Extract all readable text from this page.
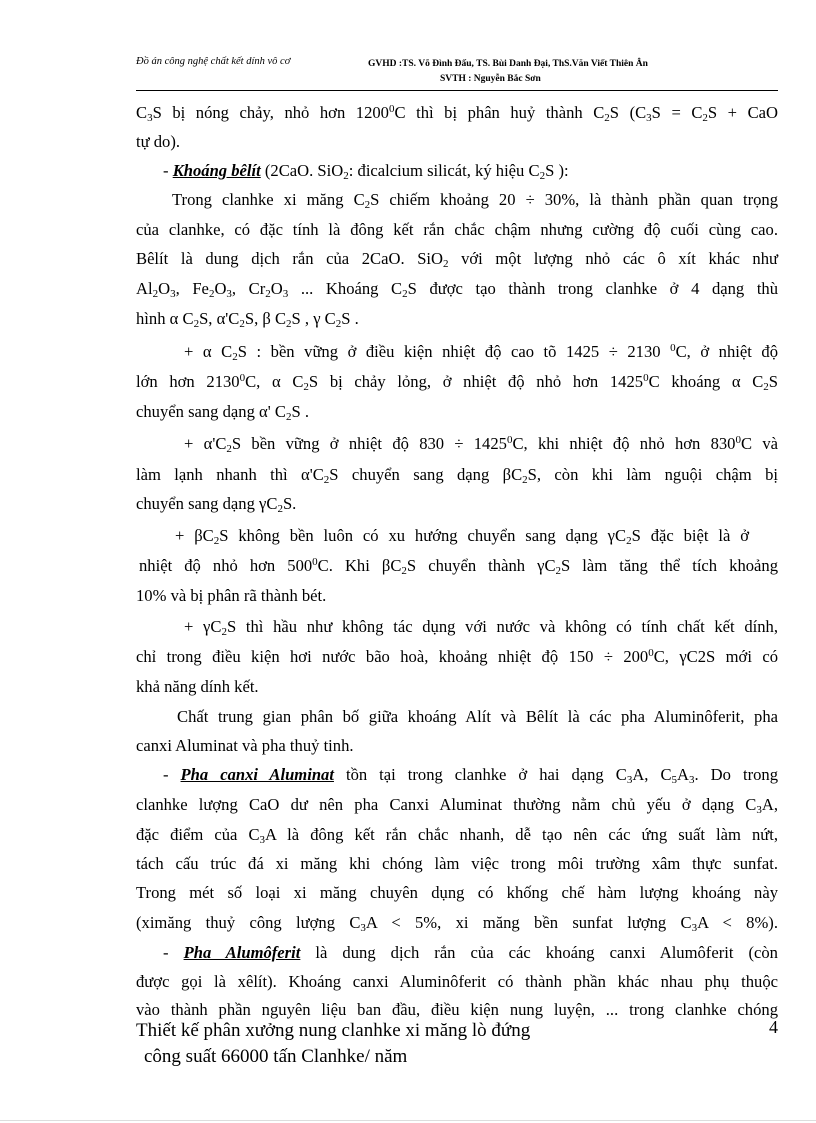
Đồ án công nghệ chất kết dính vô cơ	GVHD :TS. Võ Đình Đấu, TS. Bùi Danh Đại, ThS.Văn Viết Thiên Ân
SVTH : Nguyễn Bắc Sơn
$C_3S$ bị nóng chảy, nhỏ hơn 1200$^0$C thì bị phân huỷ thành $C_2S$ ($C_3S = C_2S$ + CaO
tự do).
- Khoáng bêlít (2CaO. SiO$_2$: đicalcium silicát, ký hiệu $C_2S$ ):
Trong clanhke xi măng $C_2S$ chiếm khoảng 20 ÷ 30%, là thành phần quan trọng
của clanhke, có đặc tính là đông kết rắn chắc chậm nhưng cường độ cuối cùng cao.
Bêlít là dung dịch rắn của 2CaO. SiO$_2$ với một lượng nhỏ các ô xít khác như
$Al_2O_3$, $Fe_2O_3$, $Cr_2O_3$ ... Khoáng $C_2S$ được tạo thành trong clanhke ở 4 dạng thù
hình α $C_2S$, $\alpha'C_2S$, β $C_2S$ , γ $C_2S$ .
+ α $C_2S$ : bền vững ở điều kiện nhiệt độ cao tõ 1425 ÷ 2130 $^0$C, ở nhiệt độ
lớn hơn 2130$^0$C, α $C_2S$ bị chảy lỏng, ở nhiệt độ nhỏ hơn 1425$^0$C khoáng α $C_2S$
chuyển sang dạng α' $C_2S$ .
+ $\alpha'C_2S$ bền vững ở nhiệt độ $830 \div 1425^0C$, khi nhiệt độ nhỏ hơn $830^0C$ và
làm lạnh nhanh thì $\alpha'C_2S$ chuyển sang dạng $\beta C_2S$, còn khi làm nguội chậm bị
chuyển sang dạng $\gamma C_2S$.
+ $\beta C_2S$ không bền luôn có xu hướng chuyển sang dạng $\gamma C_2S$ đặc biệt là ở
nhiệt độ nhỏ hơn $500^0C$. Khi $\beta C_2S$ chuyển thành $\gamma C_2S$ làm tăng thể tích khoảng
10% và bị phân rã thành bét.
+ $\gamma C_2S$ thì hầu như không tác dụng với nước và không có tính chất kết dính,
chỉ trong điều kiện hơi nước bão hoà, khoảng nhiệt độ $150 \div 200^0C$, γC2S mới có
khả năng dính kết.
Chất trung gian phân bố giữa khoáng Alít và Bêlít là các pha Aluminôferit, pha
canxi Aluminat và pha thuỷ tinh.
- Pha canxi Aluminat tồn tại trong clanhke ở hai dạng $C_3A$, $C_5A_3$. Do trong
clanhke lượng CaO dư nên pha Canxi Aluminat thường nằm chủ yếu ở dạng $C_3A$,
đặc điểm của $C_3A$ là đông kết rắn chắc nhanh, dễ tạo nên các ứng suất làm nứt,
tách cấu trúc đá xi măng khi chóng làm việc trong môi trường xâm thực sunfat.
Trong mét số loại xi măng chuyên dụng có khống chế hàm lượng khoáng này
(ximăng thuỷ công lượng $C_3A < 5\%$, xi măng bền sunfat lượng $C_3A < 8\%$).
- Pha Alumôferit là dung dịch rắn của các khoáng canxi Alumôferit (còn
được gọi là xêlít). Khoáng canxi Aluminôferit có thành phần khác nhau phụ thuộc
vào thành phần nguyên liệu ban đầu, điều kiện nung luyện, ... trong clanhke chóng
Thiết kế phân xưởng nung clanhke xi măng lò đứng
công suất 66000 tấn Clanhke/ năm
4
